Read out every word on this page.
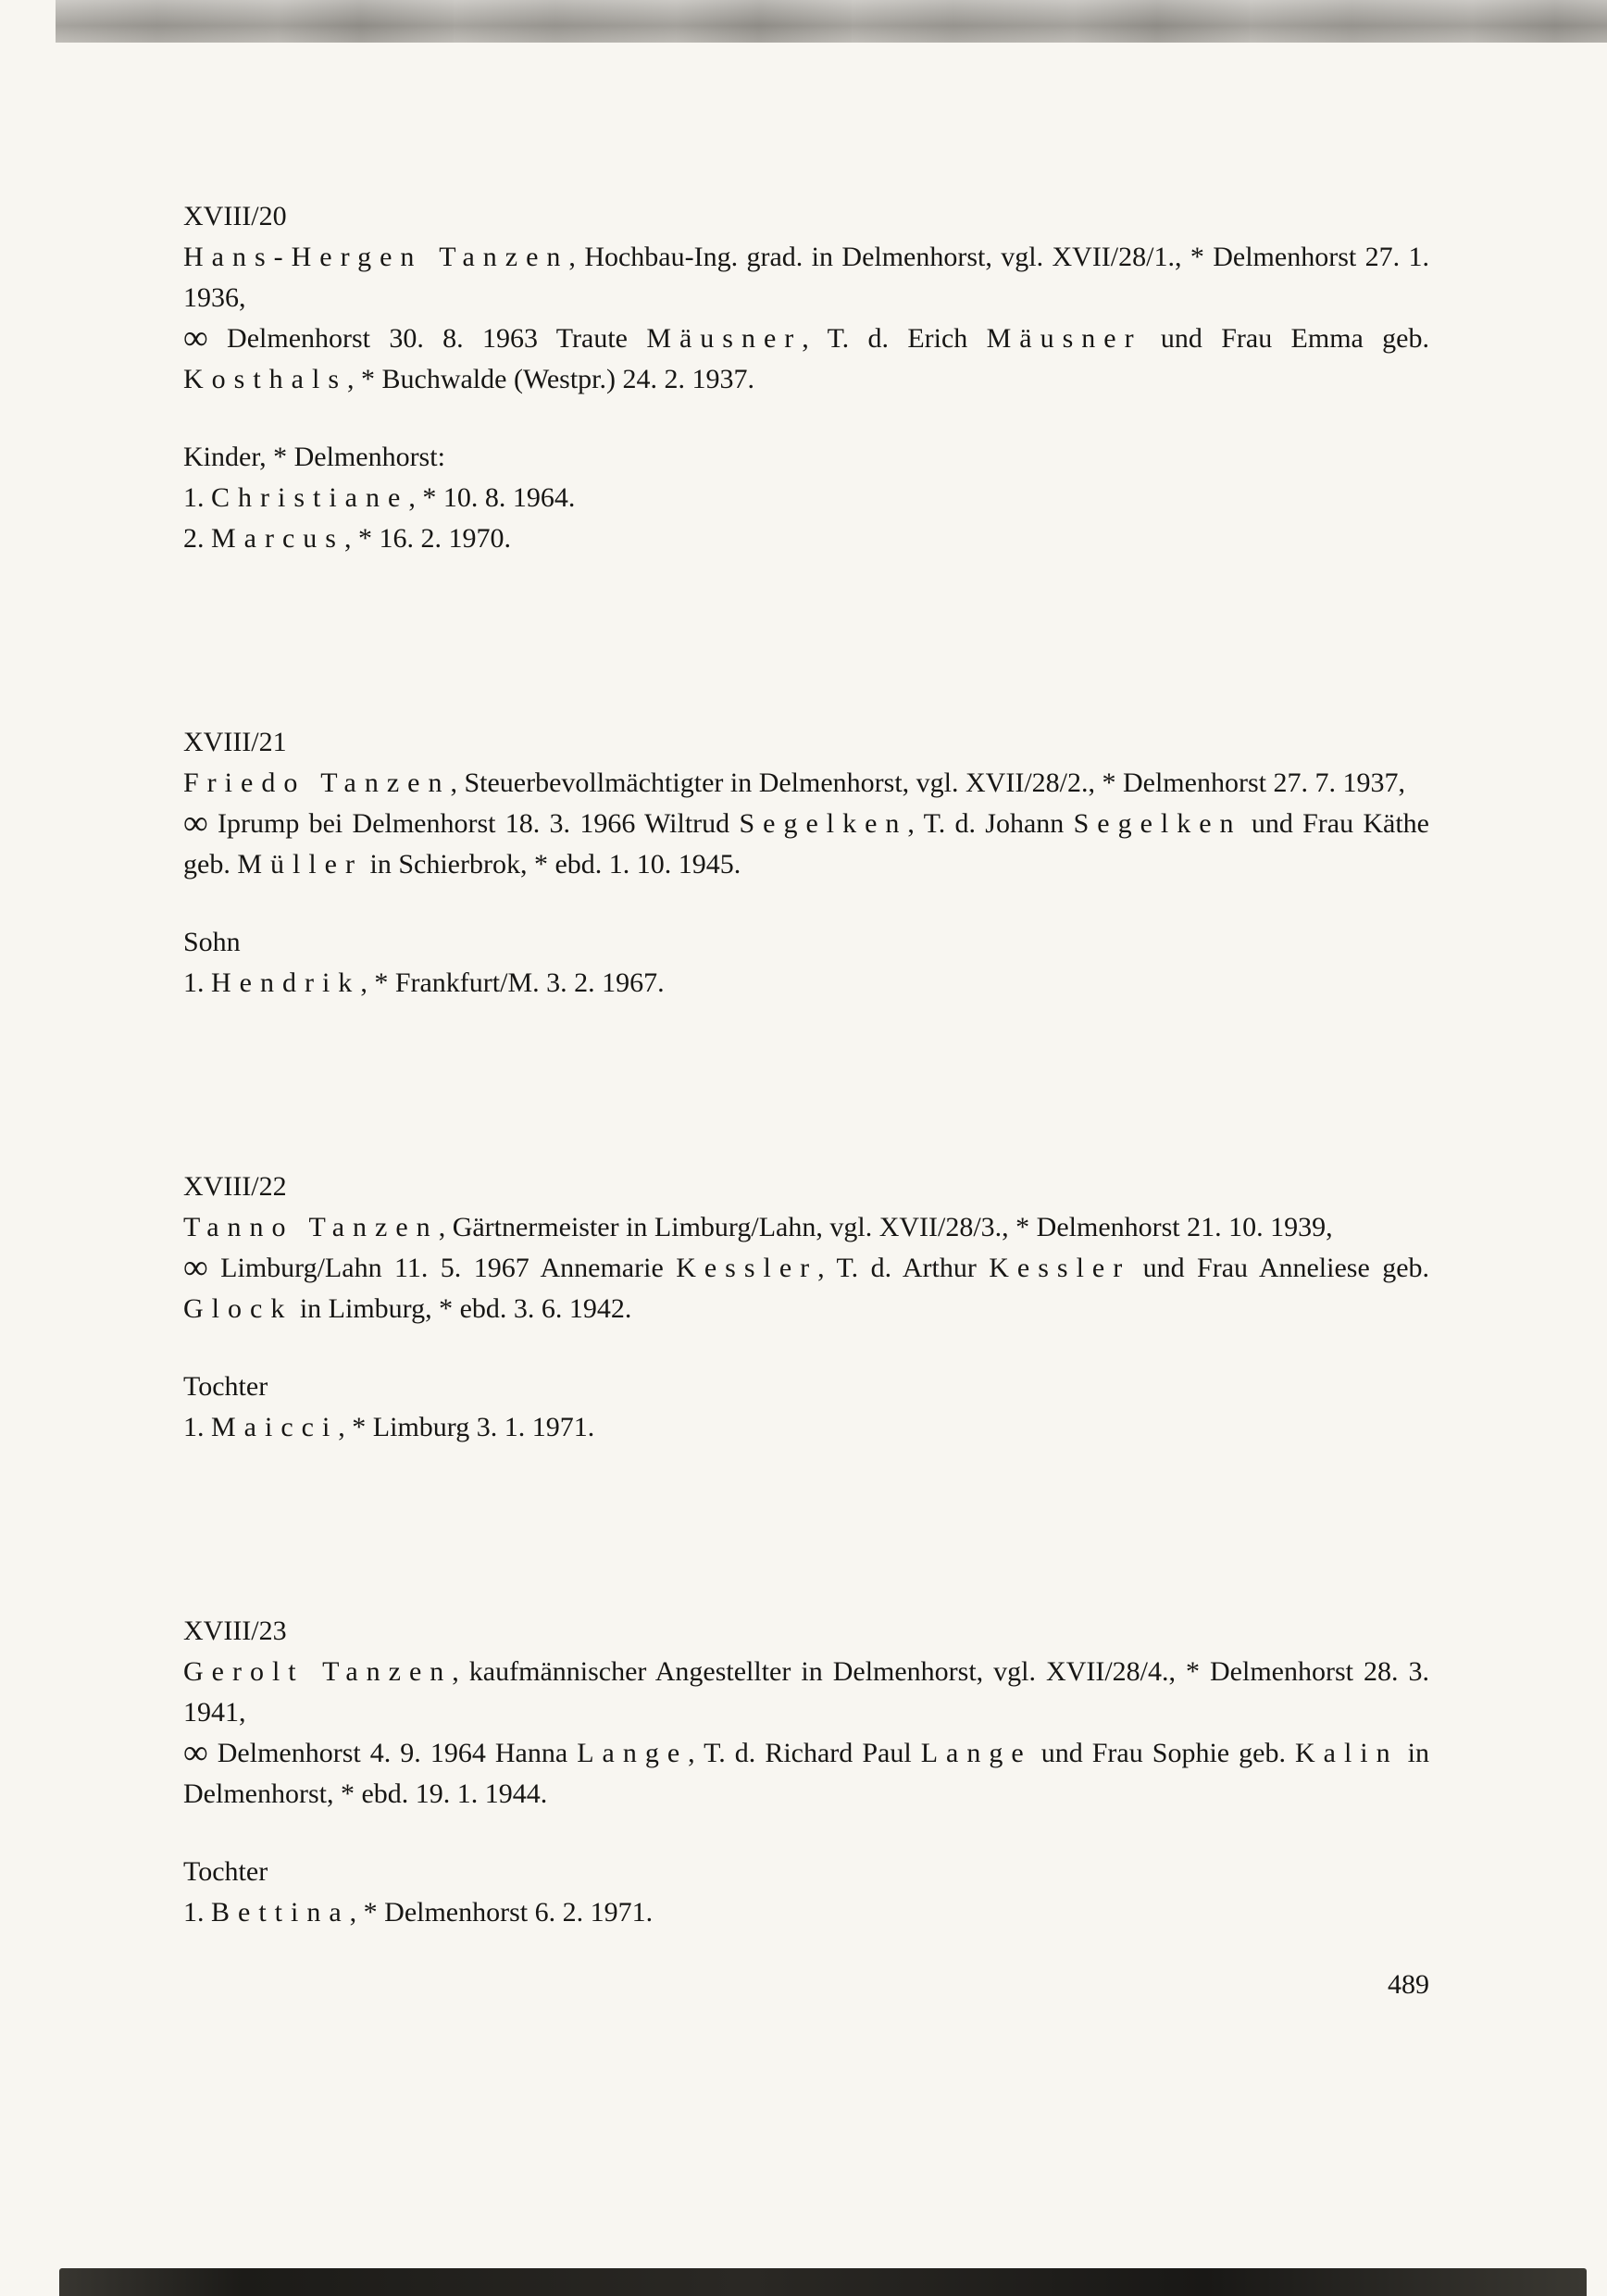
XVIII/20

Hans-Hergen Tanzen, Hochbau-Ing. grad. in Delmenhorst, vgl. XVII/28/1., * Delmenhorst 27. 1. 1936,

∞ Delmenhorst 30. 8. 1963 Traute Mäusner, T. d. Erich Mäusner und Frau Emma geb. Kosthals, * Buchwalde (Westpr.) 24. 2. 1937.

Kinder, * Delmenhorst:

1. Christiane, * 10. 8. 1964.

2. Marcus, * 16. 2. 1970.

XVIII/21

Friedo Tanzen, Steuerbevollmächtigter in Delmenhorst, vgl. XVII/28/2., * Delmenhorst 27. 7. 1937,

∞ Iprump bei Delmenhorst 18. 3. 1966 Wiltrud Segelken, T. d. Johann Segelken und Frau Käthe geb. Müller in Schierbrok, * ebd. 1. 10. 1945.

Sohn

1. Hendrik, * Frankfurt/M. 3. 2. 1967.

XVIII/22

Tanno Tanzen, Gärtnermeister in Limburg/Lahn, vgl. XVII/28/3., * Delmenhorst 21. 10. 1939,

∞ Limburg/Lahn 11. 5. 1967 Annemarie Kessler, T. d. Arthur Kessler und Frau Anneliese geb. Glock in Limburg, * ebd. 3. 6. 1942.

Tochter

1. Maicci, * Limburg 3. 1. 1971.

XVIII/23

Gerolt Tanzen, kaufmännischer Angestellter in Delmenhorst, vgl. XVII/28/4., * Delmenhorst 28. 3. 1941,

∞ Delmenhorst 4. 9. 1964 Hanna Lange, T. d. Richard Paul Lange und Frau Sophie geb. Kalin in Delmenhorst, * ebd. 19. 1. 1944.

Tochter

1. Bettina, * Delmenhorst 6. 2. 1971.

489
